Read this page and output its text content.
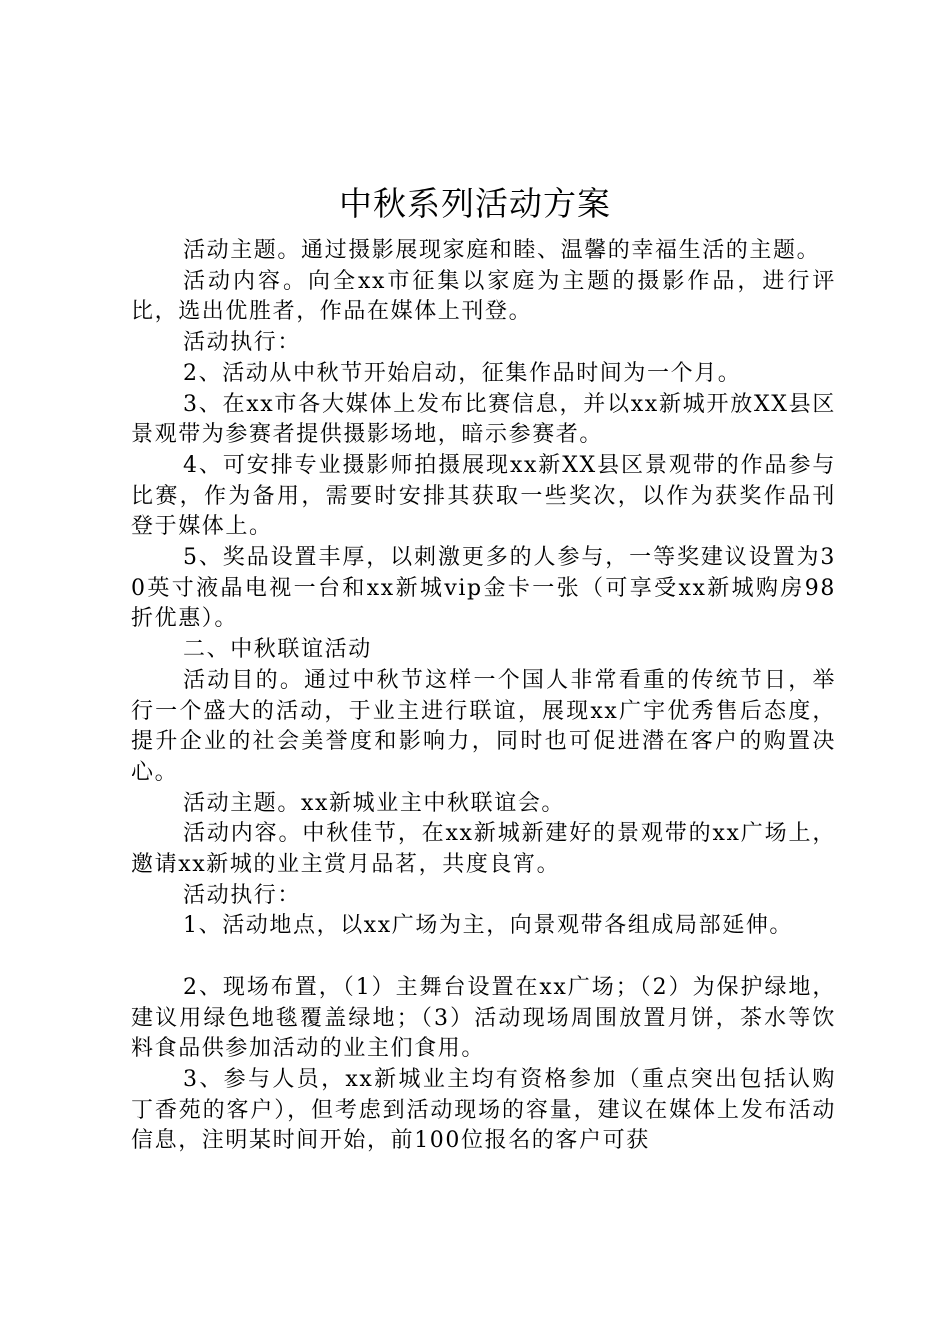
中秋系列活动方案

活动主题。通过摄影展现家庭和睦、温馨的幸福生活的主题。

活动内容。向全xx市征集以家庭为主题的摄影作品，进行评比，选出优胜者，作品在媒体上刊登。

活动执行：

2、活动从中秋节开始启动，征集作品时间为一个月。

3、在xx市各大媒体上发布比赛信息，并以xx新城开放XX县区景观带为参赛者提供摄影场地，暗示参赛者。

4、可安排专业摄影师拍摄展现xx新XX县区景观带的作品参与比赛，作为备用，需要时安排其获取一些奖次，以作为获奖作品刊登于媒体上。

5、奖品设置丰厚，以刺激更多的人参与，一等奖建议设置为30英寸液晶电视一台和xx新城vip金卡一张（可享受xx新城购房98折优惠）。

二、中秋联谊活动

活动目的。通过中秋节这样一个国人非常看重的传统节日，举行一个盛大的活动，于业主进行联谊，展现xx广宇优秀售后态度，提升企业的社会美誉度和影响力，同时也可促进潜在客户的购置决心。

活动主题。xx新城业主中秋联谊会。

活动内容。中秋佳节，在xx新城新建好的景观带的xx广场上，邀请xx新城的业主赏月品茗，共度良宵。

活动执行：

1、活动地点，以xx广场为主，向景观带各组成局部延伸。

2、现场布置，（1）主舞台设置在xx广场；（2）为保护绿地，建议用绿色地毯覆盖绿地；（3）活动现场周围放置月饼，茶水等饮料食品供参加活动的业主们食用。

3、参与人员，xx新城业主均有资格参加（重点突出包括认购丁香苑的客户），但考虑到活动现场的容量，建议在媒体上发布活动信息，注明某时间开始，前100位报名的客户可获
